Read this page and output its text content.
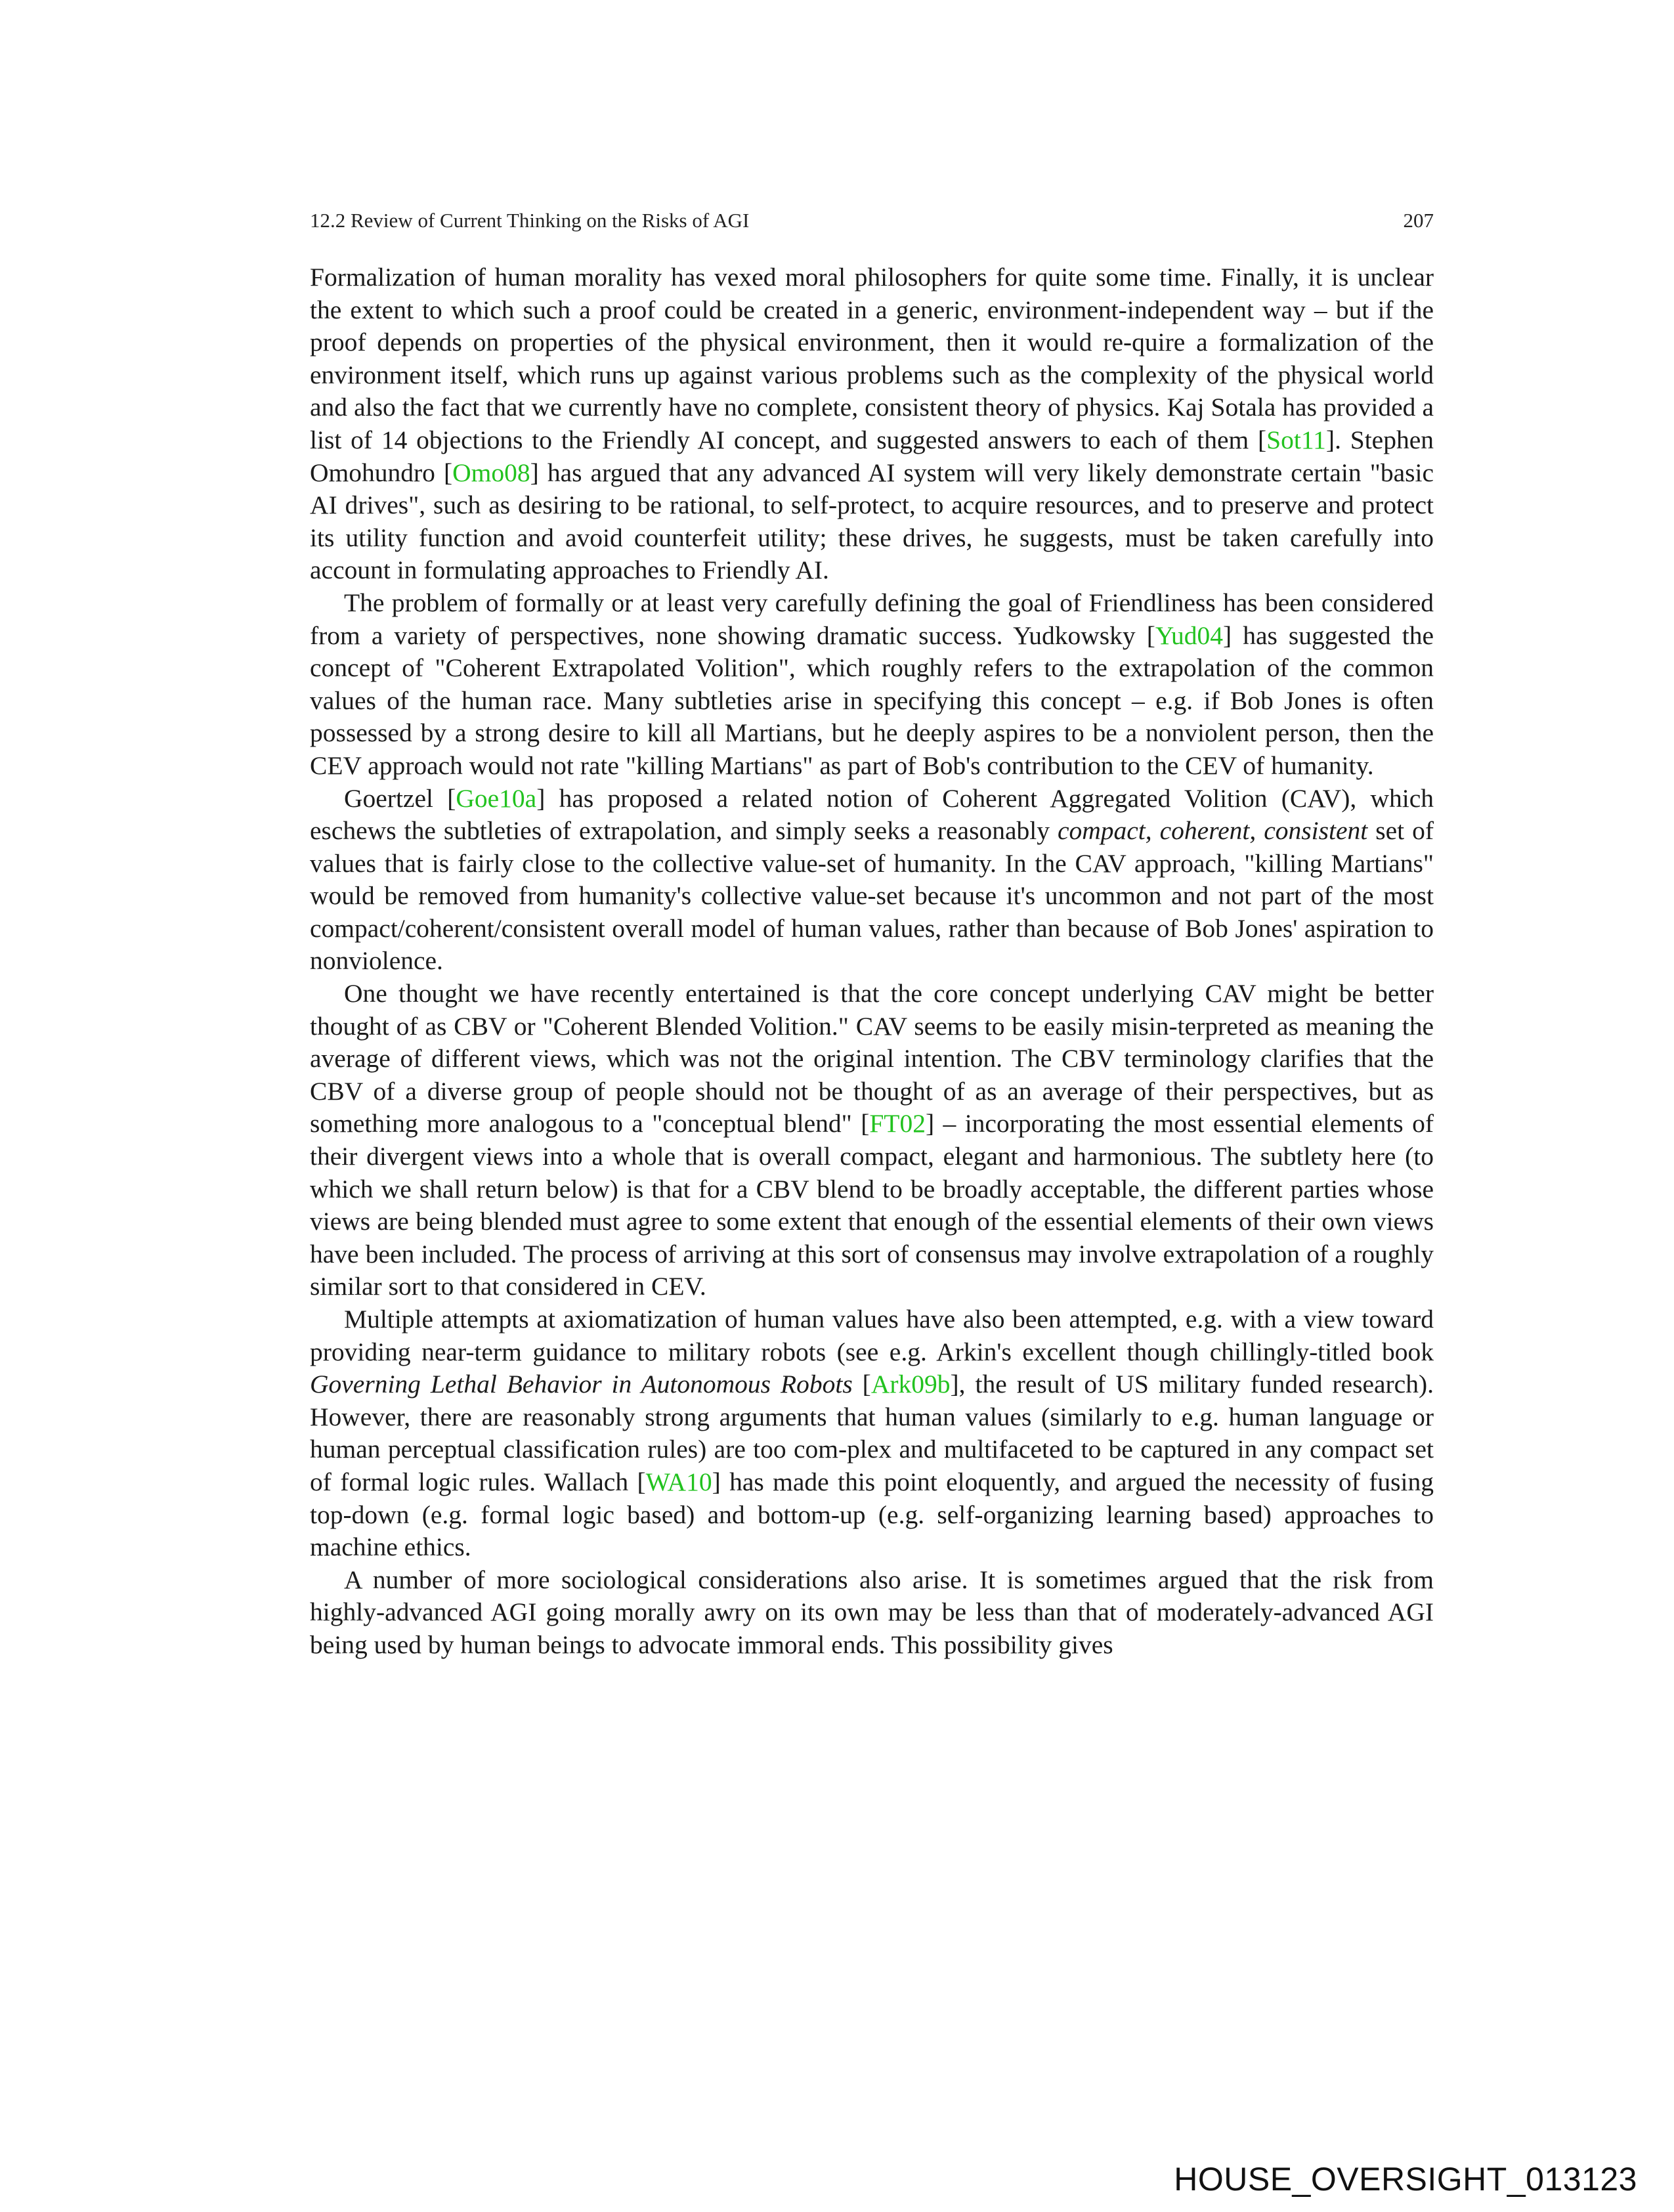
12.2 Review of Current Thinking on the Risks of AGI	207

Formalization of human morality has vexed moral philosophers for quite some time. Finally, it is unclear the extent to which such a proof could be created in a generic, environment-independent way – but if the proof depends on properties of the physical environment, then it would re-quire a formalization of the environment itself, which runs up against various problems such as the complexity of the physical world and also the fact that we currently have no complete, consistent theory of physics. Kaj Sotala has provided a list of 14 objections to the Friendly AI concept, and suggested answers to each of them [Sot11]. Stephen Omohundro [Omo08] has argued that any advanced AI system will very likely demonstrate certain "basic AI drives", such as desiring to be rational, to self-protect, to acquire resources, and to preserve and protect its utility function and avoid counterfeit utility; these drives, he suggests, must be taken carefully into account in formulating approaches to Friendly AI.

The problem of formally or at least very carefully defining the goal of Friendliness has been considered from a variety of perspectives, none showing dramatic success. Yudkowsky [Yud04] has suggested the concept of "Coherent Extrapolated Volition", which roughly refers to the extrapolation of the common values of the human race. Many subtleties arise in specifying this concept – e.g. if Bob Jones is often possessed by a strong desire to kill all Martians, but he deeply aspires to be a nonviolent person, then the CEV approach would not rate "killing Martians" as part of Bob's contribution to the CEV of humanity.

Goertzel [Goe10a] has proposed a related notion of Coherent Aggregated Volition (CAV), which eschews the subtleties of extrapolation, and simply seeks a reasonably compact, coherent, consistent set of values that is fairly close to the collective value-set of humanity. In the CAV approach, "killing Martians" would be removed from humanity's collective value-set because it's uncommon and not part of the most compact/coherent/consistent overall model of human values, rather than because of Bob Jones' aspiration to nonviolence.

One thought we have recently entertained is that the core concept underlying CAV might be better thought of as CBV or "Coherent Blended Volition." CAV seems to be easily misin-terpreted as meaning the average of different views, which was not the original intention. The CBV terminology clarifies that the CBV of a diverse group of people should not be thought of as an average of their perspectives, but as something more analogous to a "conceptual blend" [FT02] – incorporating the most essential elements of their divergent views into a whole that is overall compact, elegant and harmonious. The subtlety here (to which we shall return below) is that for a CBV blend to be broadly acceptable, the different parties whose views are being blended must agree to some extent that enough of the essential elements of their own views have been included. The process of arriving at this sort of consensus may involve extrapolation of a roughly similar sort to that considered in CEV.

Multiple attempts at axiomatization of human values have also been attempted, e.g. with a view toward providing near-term guidance to military robots (see e.g. Arkin's excellent though chillingly-titled book Governing Lethal Behavior in Autonomous Robots [Ark09b], the result of US military funded research). However, there are reasonably strong arguments that human values (similarly to e.g. human language or human perceptual classification rules) are too com-plex and multifaceted to be captured in any compact set of formal logic rules. Wallach [WA10] has made this point eloquently, and argued the necessity of fusing top-down (e.g. formal logic based) and bottom-up (e.g. self-organizing learning based) approaches to machine ethics.

A number of more sociological considerations also arise. It is sometimes argued that the risk from highly-advanced AGI going morally awry on its own may be less than that of moderately-advanced AGI being used by human beings to advocate immoral ends. This possibility gives

HOUSE_OVERSIGHT_013123
